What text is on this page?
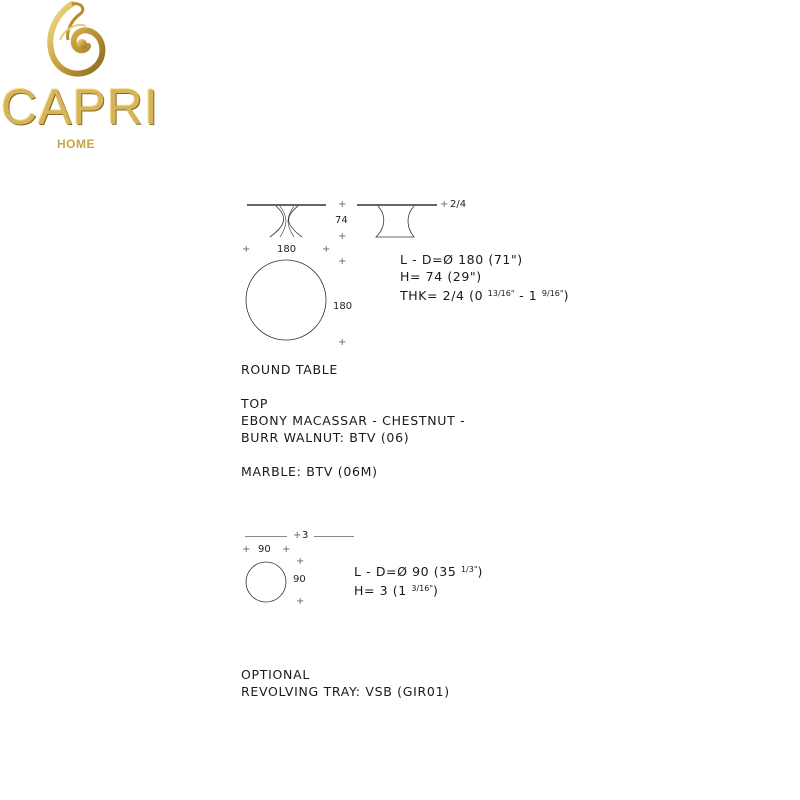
CAPRI
HOME
+
+
+
+
+	+
+
74
2/4
180
180
L - D=Ø 180 (71")
H= 74 (29")
THK= 2/4 (0 $^{13/16"}$ - 1 $^{9/16"}$)
ROUND TABLE
TOP
EBONY MACASSAR - CHESTNUT -
BURR WALNUT: BTV (06)
MARBLE: BTV (06M)
+ 3
+	+
90
+
+
90
L - D=Ø 90 (35 $^{1/3"}$)
H= 3 (1 $^{3/16"}$)
OPTIONAL
REVOLVING TRAY: VSB (GIR01)
